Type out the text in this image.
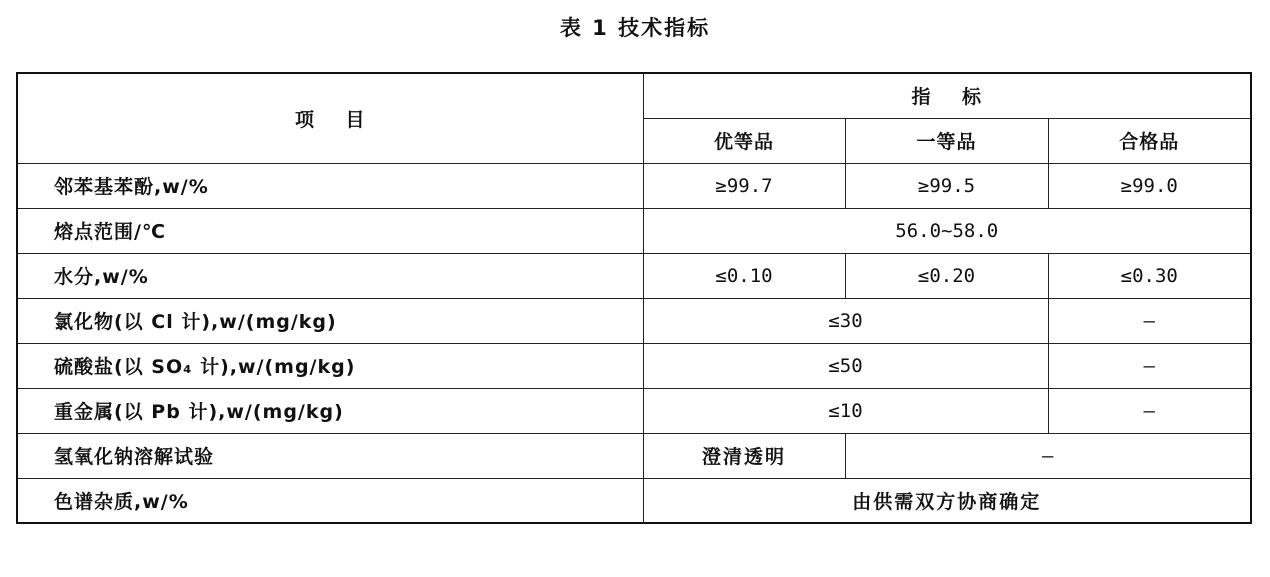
表 1 技术指标
项    目	指    标		
	优等品	一等品	合格品
邻苯基苯酚,w/%	≥99.7	≥99.5	≥99.0
熔点范围/℃	56.0~58.0		
水分,w/%	≤0.10	≤0.20	≤0.30
氯化物(以 Cl 计),w/(mg/kg)	≤30		—
硫酸盐(以 SO₄ 计),w/(mg/kg)	≤50		—
重金属(以 Pb 计),w/(mg/kg)	≤10		—
氢氧化钠溶解试验	澄清透明	—	
色谱杂质,w/%	由供需双方协商确定		
